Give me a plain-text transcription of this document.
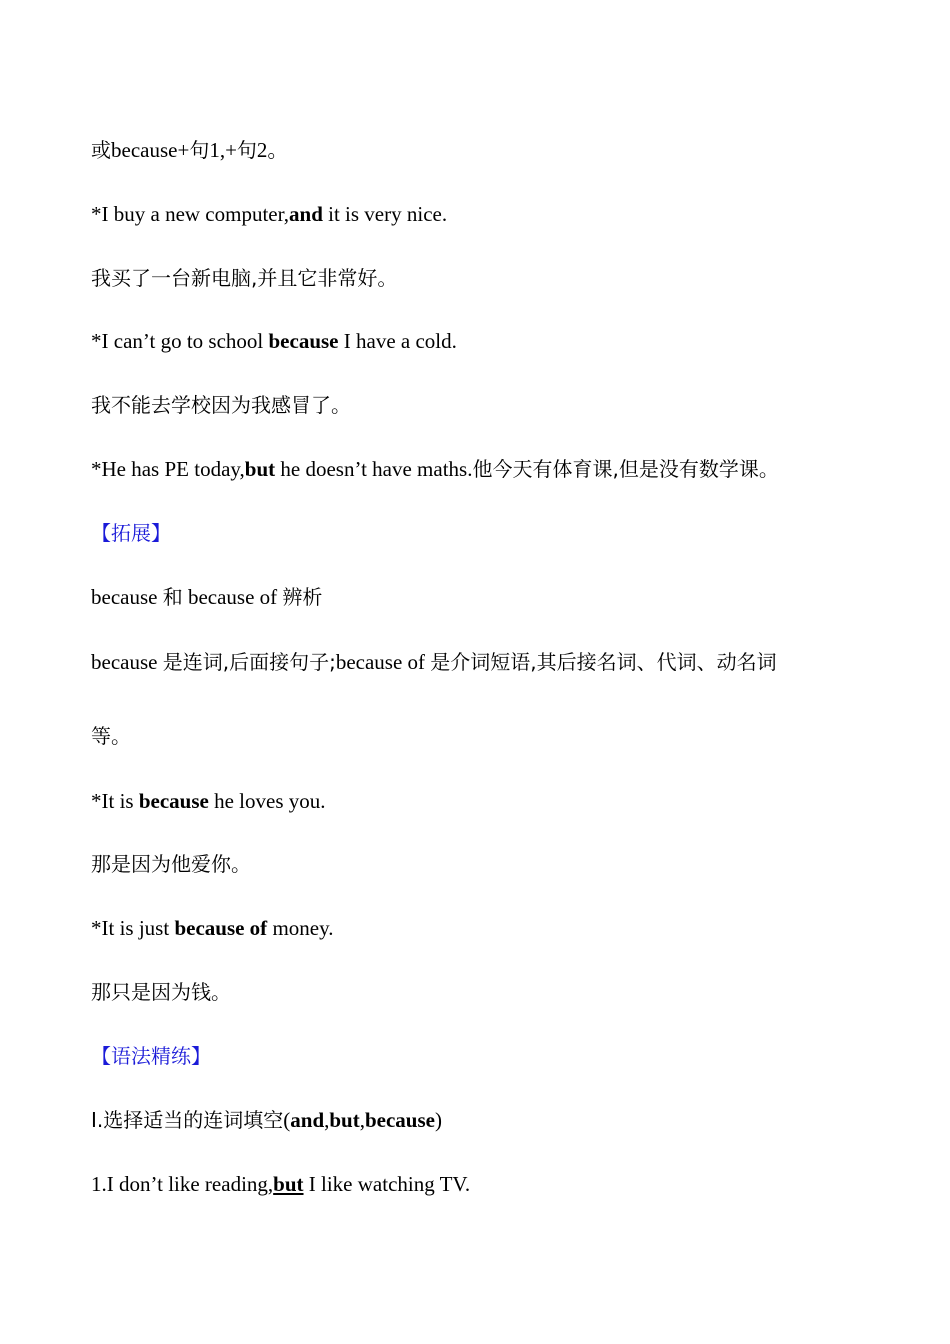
或because+句1,+句2。
*I buy a new computer,and it is very nice.
我买了一台新电脑,并且它非常好。
*I can’t go to school because I have a cold.
我不能去学校因为我感冒了。
*He has PE today,but he doesn’t have maths.他今天有体育课,但是没有数学课。
【拓展】
because 和 because of 辨析
because 是连词,后面接句子;because of 是介词短语,其后接名词、代词、动名词
等。
*It is because he loves you.
那是因为他爱你。
*It is just because of money.
那只是因为钱。
【语法精练】
Ⅰ.选择适当的连词填空(and,but,because)
1.I don’t like reading,but I like watching TV.
